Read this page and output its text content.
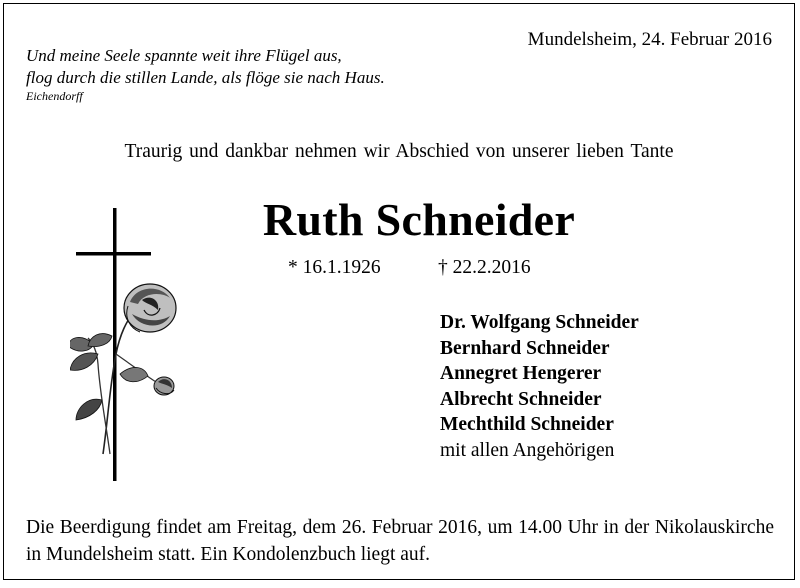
Mundelsheim, 24. Februar 2016
Und meine Seele spannte weit ihre Flügel aus,
flog durch die stillen Lande, als flöge sie nach Haus.
Eichendorff
Traurig und dankbar nehmen wir Abschied von unserer lieben Tante
Ruth Schneider
* 16.1.1926	† 22.2.2016
Dr. Wolfgang Schneider
Bernhard Schneider
Annegret Hengerer
Albrecht Schneider
Mechthild Schneider
mit allen Angehörigen
Die Beerdigung findet am Freitag, dem 26. Februar 2016, um 14.00 Uhr in der Nikolauskirche in Mundelsheim statt. Ein Kondolenzbuch liegt auf.
